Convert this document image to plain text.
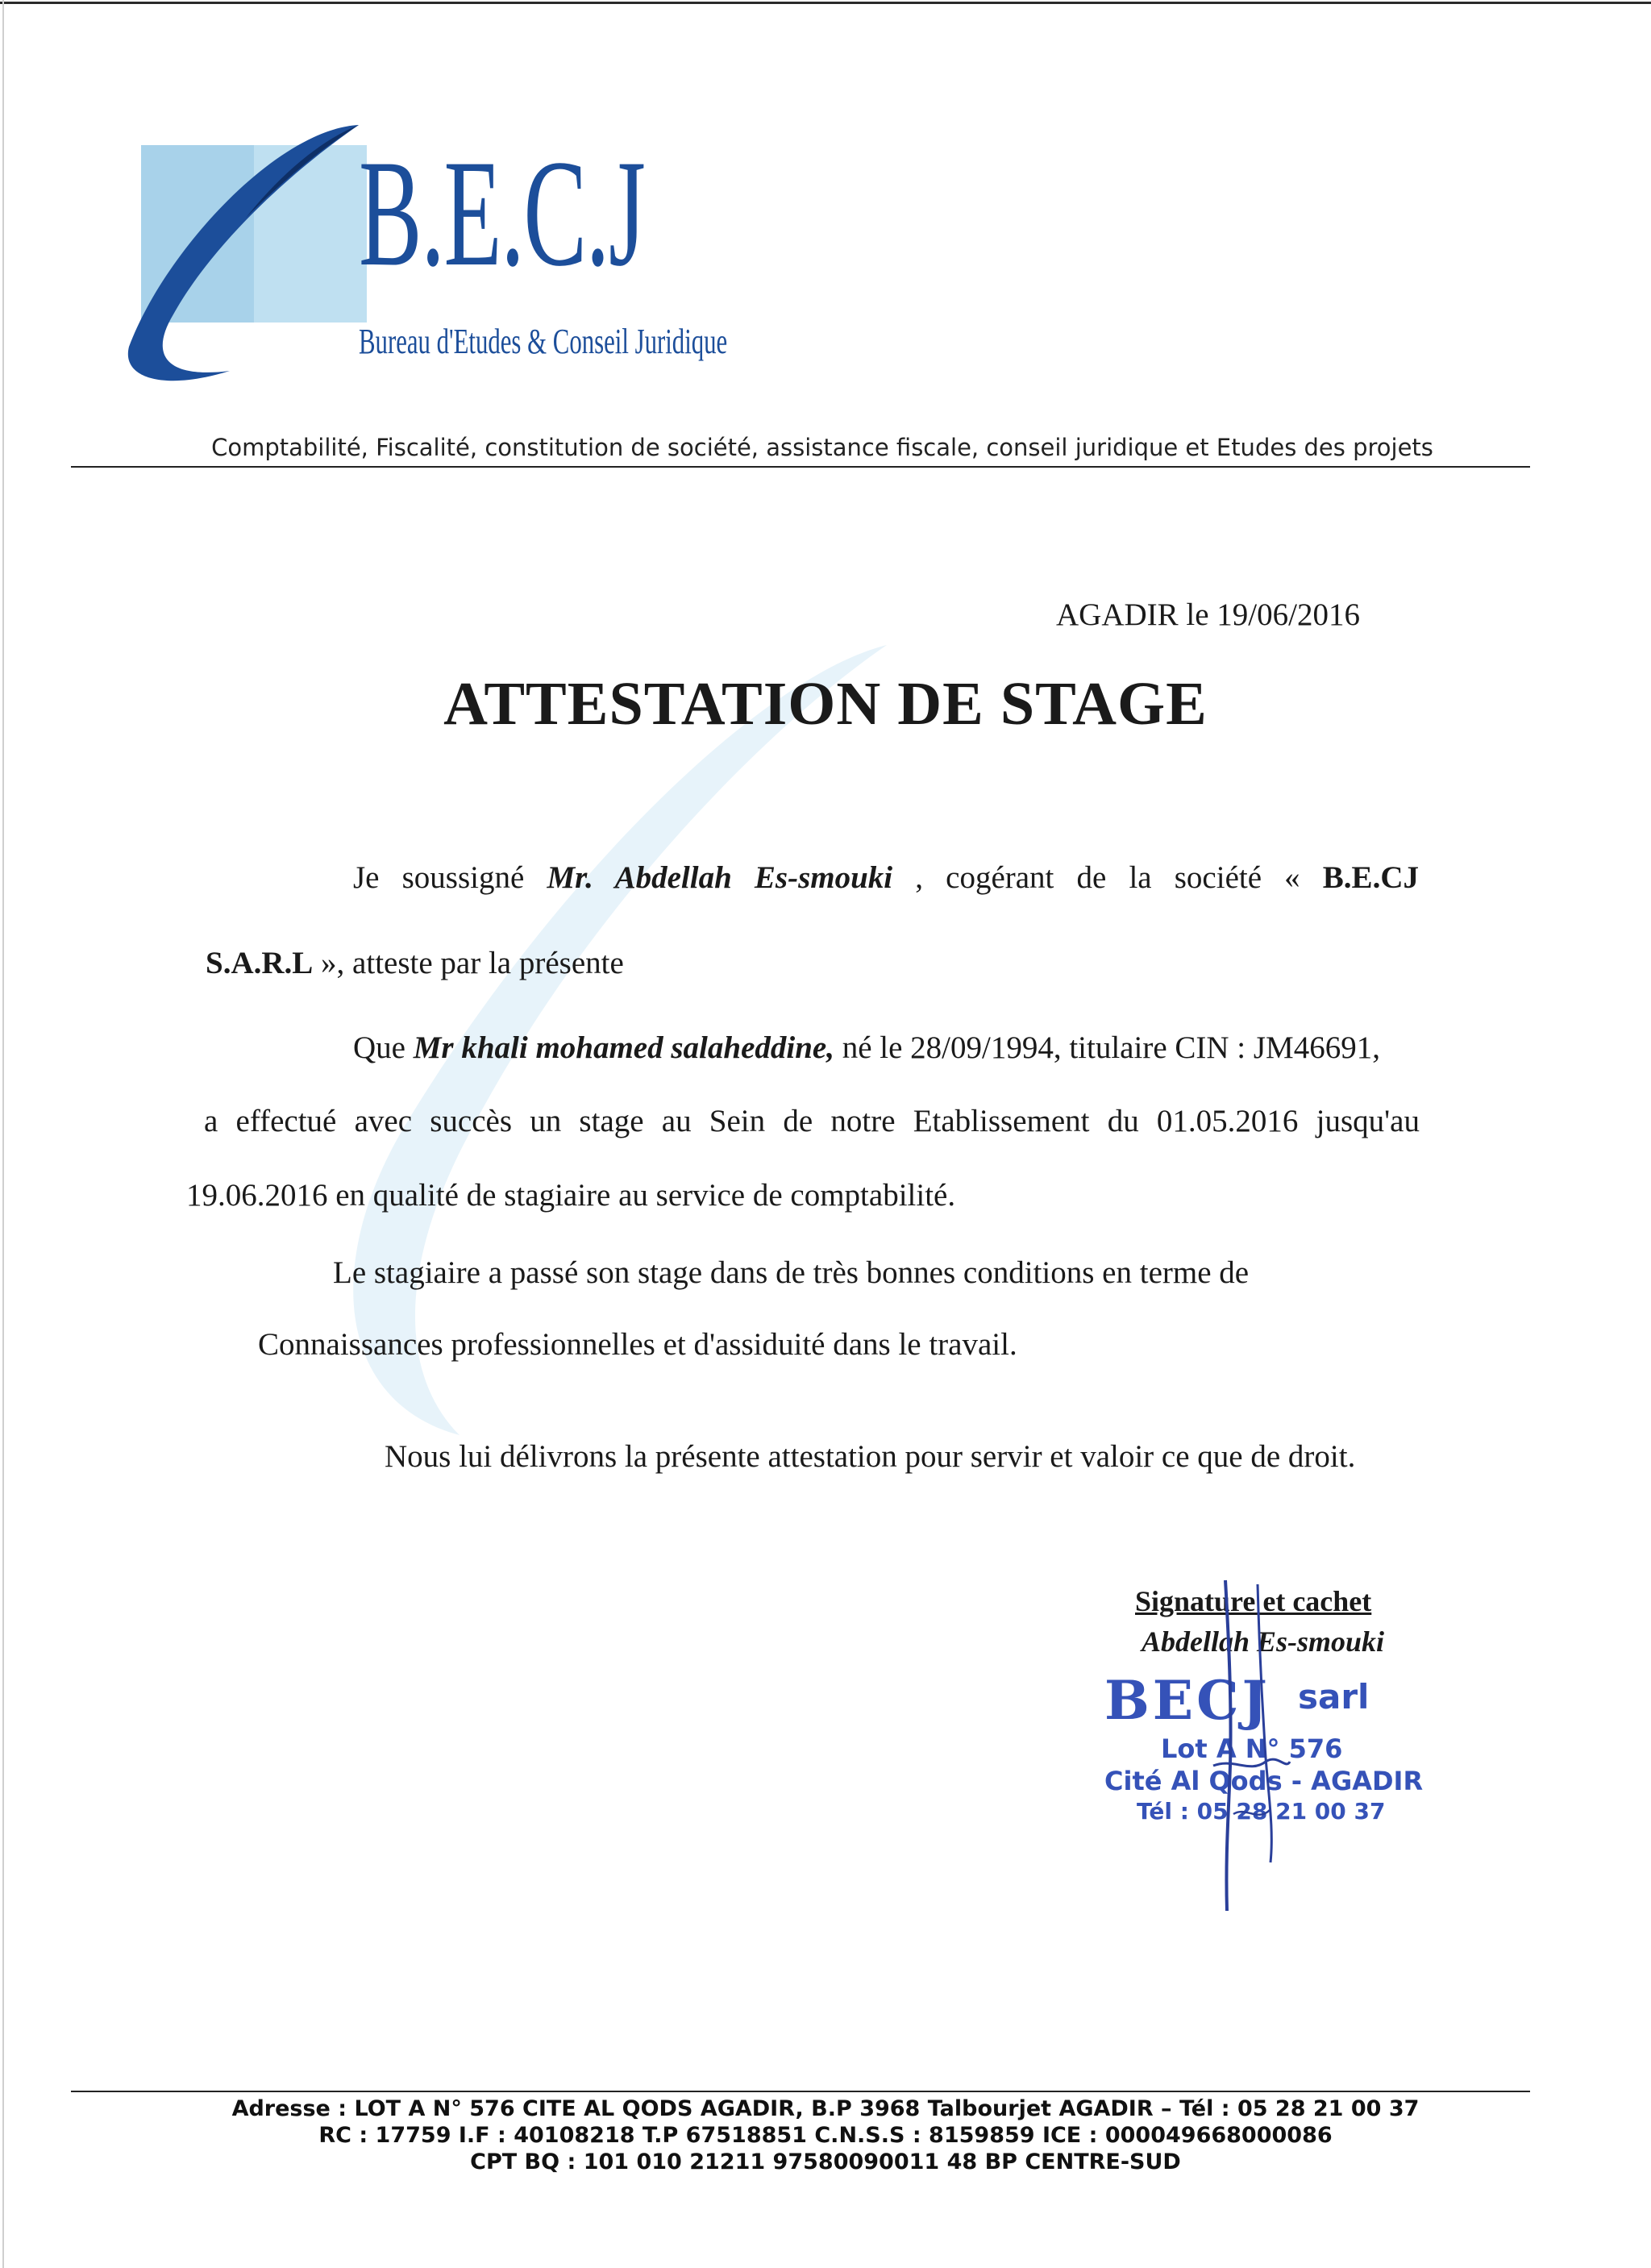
B.E.C.J
Bureau d'Etudes & Conseil Juridique
Comptabilité, Fiscalité, constitution de société, assistance fiscale, conseil juridique et Etudes des projets
AGADIR le 19/06/2016
ATTESTATION DE STAGE
Je soussigné Mr. Abdellah Es-smouki , cogérant de la société « B.E.CJ
S.A.R.L », atteste par la présente
Que Mr khali mohamed salaheddine, né le 28/09/1994, titulaire CIN : JM46691,
a effectué avec succès un stage au Sein de notre Etablissement du 01.05.2016 jusqu'au
19.06.2016 en qualité de stagiaire au service de comptabilité.
Le stagiaire a passé son stage dans de très bonnes conditions en terme de
Connaissances professionnelles et d'assiduité dans le travail.
Nous lui délivrons la présente attestation pour servir et valoir ce que de droit.
Signature et cachet
Abdellah Es-smouki
BECJ sarl
Lot A N° 576
Cité Al Qods - AGADIR
Tél : 05 28 21 00 37
Adresse : LOT A N° 576 CITE AL QODS AGADIR, B.P 3968 Talbourjet AGADIR – Tél : 05 28 21 00 37
RC : 17759 I.F : 40108218 T.P 67518851 C.N.S.S : 8159859 ICE : 000049668000086
CPT BQ : 101 010 21211 97580090011 48 BP CENTRE-SUD
